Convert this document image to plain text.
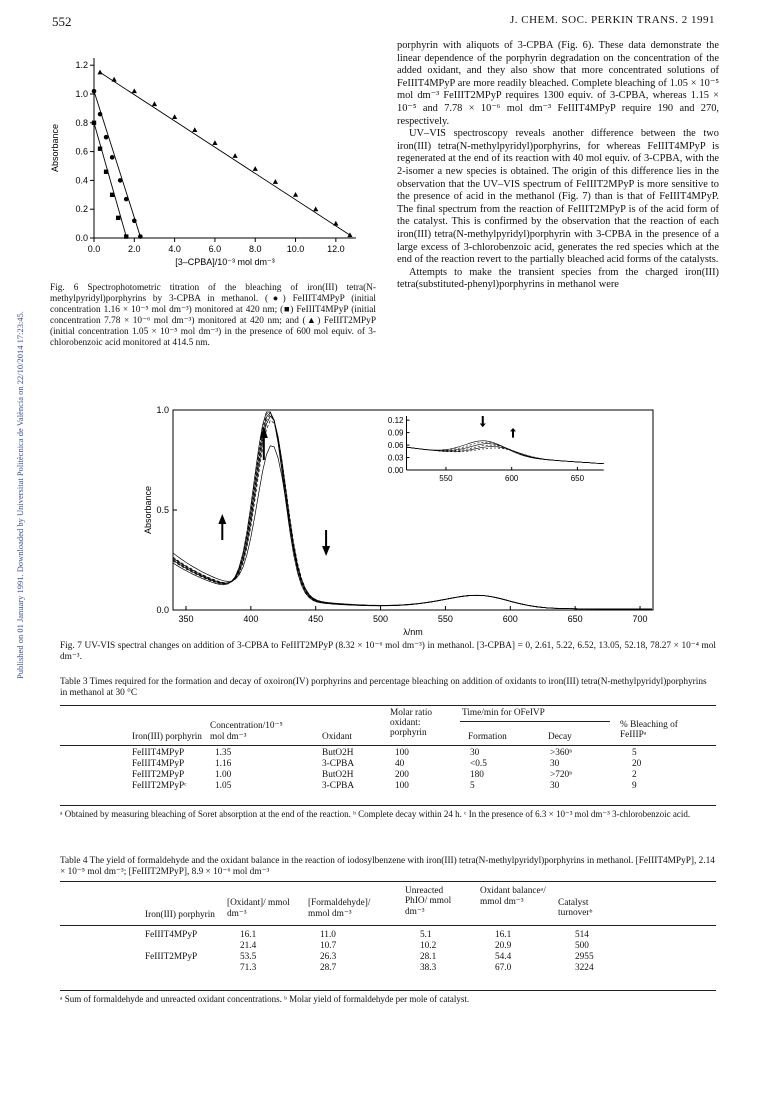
Published on 01 January 1991. Downloaded by Universitat Politècnica de València on 22/10/2014 17:23:45.
552	J. CHEM. SOC. PERKIN TRANS. 2 1991
0.0
0.2
0.4
0.6
0.8
1.0
1.2
0.0	2.0	4.0	6.0	8.0	10.0	12.0
[3–CPBA]/10⁻³ mol dm⁻³
Absorbance
Fig. 6 Spectrophotometric titration of the bleaching of iron(III) tetra(N-methylpyridyl)porphyrins by 3-CPBA in methanol. (●) FeIIIT4MPyP (initial concentration 1.16 × 10⁻⁵ mol dm⁻³) monitored at 420 nm; (■) FeIIIT4MPyP (initial concentration 7.78 × 10⁻⁶ mol dm⁻³) monitored at 420 nm; and (▲) FeIIIT2MPyP (initial concentration 1.05 × 10⁻⁵ mol dm⁻³) in the presence of 600 mol equiv. of 3-chlorobenzoic acid monitored at 414.5 nm.

porphyrin with aliquots of 3-CPBA (Fig. 6). These data demonstrate the linear dependence of the porphyrin degradation on the concentration of the added oxidant, and they also show that more concentrated solutions of FeIIIT4MPyP are more readily bleached. Complete bleaching of 1.05 × 10⁻⁵ mol dm⁻³ FeIIIT2MPyP requires 1300 equiv. of 3-CPBA, whereas 1.15 × 10⁻⁵ and 7.78 × 10⁻⁶ mol dm⁻³ FeIIIT4MPyP require 190 and 270, respectively.

UV–VIS spectroscopy reveals another difference between the two iron(III) tetra(N-methylpyridyl)porphyrins, for whereas FeIIIT4MPyP is regenerated at the end of its reaction with 40 mol equiv. of 3-CPBA, with the 2-isomer a new species is obtained. The origin of this difference lies in the observation that the UV–VIS spectrum of FeIIIT2MPyP is more sensitive to the presence of acid in the methanol (Fig. 7) than is that of FeIIIT4MPyP. The final spectrum from the reaction of FeIIIT2MPyP is of the acid form of the catalyst. This is confirmed by the observation that the reaction of each iron(III) tetra(N-methylpyridyl)porphyrin with 3-CPBA in the presence of a large excess of 3-chlorobenzoic acid, generates the red species which at the end of the reaction revert to the partially bleached acid forms of the catalysts.

Attempts to make the transient species from the charged iron(III) tetra(substituted-phenyl)porphyrins in methanol were

0.0
0.5
1.0
350	400	450	500	550	600	650	700
λ/nm
Absorbance
0.00
0.03
0.06
0.09
0.12
550	600	650
Fig. 7 UV-VIS spectral changes on addition of 3-CPBA to FeIIIT2MPyP (8.32 × 10⁻⁶ mol dm⁻³) in methanol. [3-CPBA] = 0, 2.61, 5.22, 6.52, 13.05, 52.18, 78.27 × 10⁻⁴ mol dm⁻³.
Table 3 Times required for the formation and decay of oxoiron(IV) porphyrins and percentage bleaching on addition of oxidants to iron(III) tetra(N-methylpyridyl)porphyrins in methanol at 30 °C
Iron(III) porphyrin
Concentration/10⁻⁵ mol dm⁻³	Oxidant
Molar ratio oxidant: porphyrin
Time/min for OFeIVP
Formation	Decay
% Bleaching of FeIIIPᵃ
FeIIIT4MPyP	1.35	ButO2H	100	30	>360ᵇ	5
FeIIIT4MPyP	1.16	3-CPBA	40	<0.5	30	20
FeIIIT2MPyP	1.00	ButO2H	200	180	>720ᵇ	2
FeIIIT2MPyPᶜ	1.05	3-CPBA	100	5	30	9
ᵃ Obtained by measuring bleaching of Soret absorption at the end of the reaction. ᵇ Complete decay within 24 h. ᶜ In the presence of 6.3 × 10⁻³ mol dm⁻³ 3-chlorobenzoic acid.
Table 4 The yield of formaldehyde and the oxidant balance in the reaction of iodosylbenzene with iron(III) tetra(N-methylpyridyl)porphyrins in methanol. [FeIIIT4MPyP], 2.14 × 10⁻⁵ mol dm⁻³; [FeIIIT2MPyP], 8.9 × 10⁻⁶ mol dm⁻³
Iron(III) porphyrin
[Oxidant]/ mmol dm⁻³
[Formaldehyde]/ mmol dm⁻³
Unreacted PhIO/ mmol dm⁻³
Oxidant balanceᵃ/ mmol dm⁻³	Catalyst turnoverᵇ
FeIIIT4MPyP	16.1	11.0	5.1	16.1	514
21.4	10.7	10.2	20.9	500
FeIIIT2MPyP	53.5	26.3	28.1	54.4	2955
71.3	28.7	38.3	67.0	3224
ᵃ Sum of formaldehyde and unreacted oxidant concentrations. ᵇ Molar yield of formaldehyde per mole of catalyst.
